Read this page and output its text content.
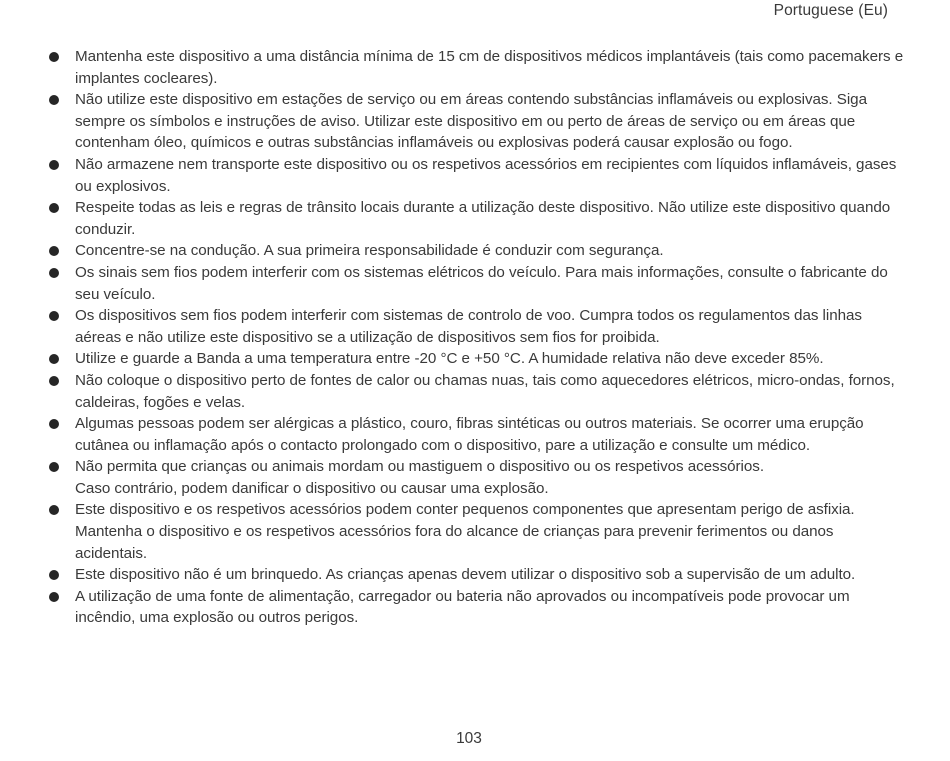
Portuguese (Eu)
Mantenha este dispositivo a uma distância mínima de 15 cm de dispositivos médicos implantáveis (tais como pacemakers e implantes cocleares).
Não utilize este dispositivo em estações de serviço ou em áreas contendo substâncias inflamáveis ou explosivas. Siga sempre os símbolos e instruções de aviso. Utilizar este dispositivo em ou perto de áreas de serviço ou em áreas que contenham óleo, químicos e outras substâncias inflamáveis ou explosivas poderá causar explosão ou fogo.
Não armazene nem transporte este dispositivo ou os respetivos acessórios em recipientes com líquidos inflamáveis, gases ou explosivos.
Respeite todas as leis e regras de trânsito locais durante a utilização deste dispositivo. Não utilize este dispositivo quando conduzir.
Concentre-se na condução. A sua primeira responsabilidade é conduzir com segurança.
Os sinais sem fios podem interferir com os sistemas elétricos do veículo. Para mais informações, consulte o fabricante do seu veículo.
Os dispositivos sem fios podem interferir com sistemas de controlo de voo. Cumpra todos os regulamentos das linhas aéreas e não utilize este dispositivo se a utilização de dispositivos sem fios for proibida.
Utilize e guarde a Banda a uma temperatura entre -20 °C e +50 °C. A humidade relativa não deve exceder 85%.
Não coloque o dispositivo perto de fontes de calor ou chamas nuas, tais como aquecedores elétricos, micro-ondas, fornos, caldeiras, fogões e velas.
Algumas pessoas podem ser alérgicas a plástico, couro, fibras sintéticas ou outros materiais. Se ocorrer uma erupção cutânea ou inflamação após o contacto prolongado com o dispositivo, pare a utilização e consulte um médico.
Não permita que crianças ou animais mordam ou mastiguem o dispositivo ou os respetivos acessórios.
Caso contrário, podem danificar o dispositivo ou causar uma explosão.
Este dispositivo e os respetivos acessórios podem conter pequenos componentes que apresentam perigo de asfixia. Mantenha o dispositivo e os respetivos acessórios fora do alcance de crianças para prevenir ferimentos ou danos acidentais.
Este dispositivo não é um brinquedo. As crianças apenas devem utilizar o dispositivo sob a supervisão de um adulto.
A utilização de uma fonte de alimentação, carregador ou bateria não aprovados ou incompatíveis pode provocar um incêndio, uma explosão ou outros perigos.
103
